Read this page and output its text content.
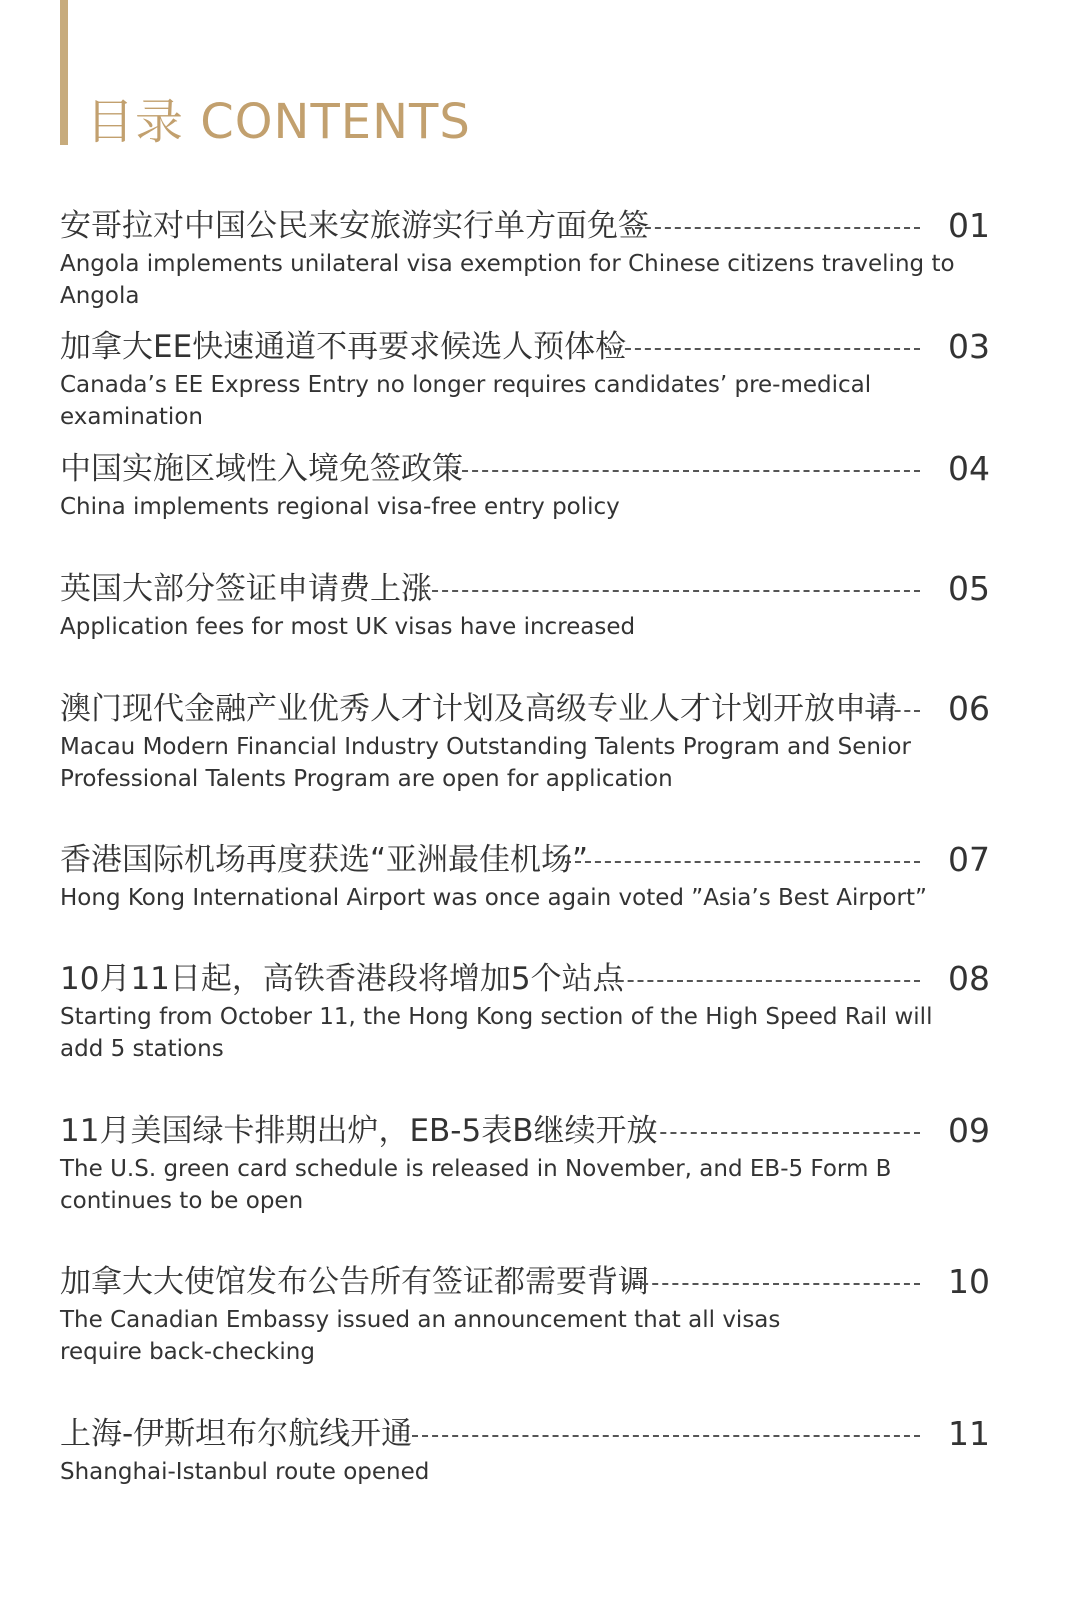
目录 CONTENTS
安哥拉对中国公民来安旅游实行单方面免签	01
Angola implements unilateral visa exemption for Chinese citizens traveling to Angola
加拿大EE快速通道不再要求候选人预体检	03
Canada’s EE Express Entry no longer requires candidates’ pre-medical examination
中国实施区域性入境免签政策	04
China implements regional visa-free entry policy
英国大部分签证申请费上涨	05
Application fees for most UK visas have increased
澳门现代金融产业优秀人才计划及高级专业人才计划开放申请 06
Macau Modern Financial Industry Outstanding Talents Program and Senior Professional Talents Program are open for application
香港国际机场再度获选“亚洲最佳机场”	07
Hong Kong International Airport was once again voted ”Asia’s Best Airport”
10月11日起，高铁香港段将增加5个站点	08
Starting from October 11, the Hong Kong section of the High Speed Rail will add 5 stations
11月美国绿卡排期出炉，EB-5表B继续开放	09
The U.S. green card schedule is released in November, and EB-5 Form B continues to be open
加拿大大使馆发布公告所有签证都需要背调	10
The Canadian Embassy issued an announcement that all visas require back-checking
上海-伊斯坦布尔航线开通	11
Shanghai-Istanbul route opened
